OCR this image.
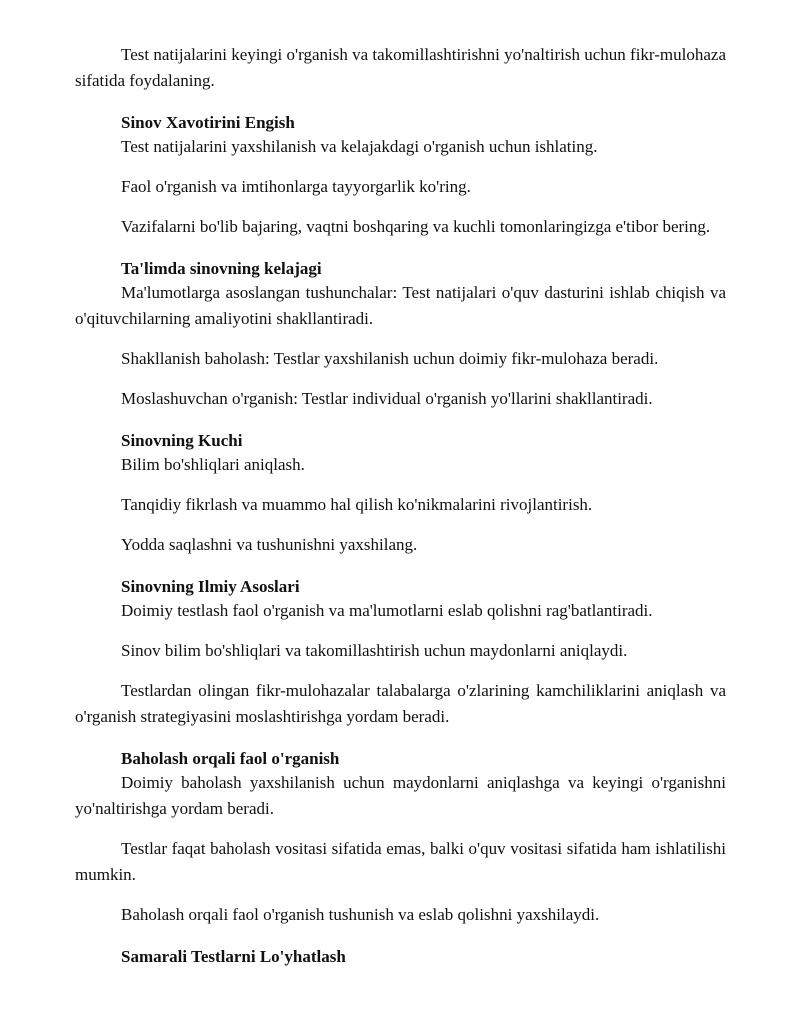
Test natijalarini keyingi o'rganish va takomillashtirishni yo'naltirish uchun fikr-mulohaza sifatida foydalaning.

Sinov Xavotirini Engish

Test natijalarini yaxshilanish va kelajakdagi o'rganish uchun ishlating.

Faol o'rganish va imtihonlarga tayyorgarlik ko'ring.

Vazifalarni bo'lib bajaring, vaqtni boshqaring va kuchli tomonlaringizga e'tibor bering.

Ta'limda sinovning kelajagi

Ma'lumotlarga asoslangan tushunchalar: Test natijalari o'quv dasturini ishlab chiqish va o'qituvchilarning amaliyotini shakllantiradi.

Shakllanish baholash: Testlar yaxshilanish uchun doimiy fikr-mulohaza beradi.

Moslashuvchan o'rganish: Testlar individual o'rganish yo'llarini shakllantiradi.

Sinovning Kuchi

Bilim bo'shliqlari aniqlash.

Tanqidiy fikrlash va muammo hal qilish ko'nikmalarini rivojlantirish.

Yodda saqlashni va tushunishni yaxshilang.

Sinovning Ilmiy Asoslari

Doimiy testlash faol o'rganish va ma'lumotlarni eslab qolishni rag'batlantiradi.

Sinov bilim bo'shliqlari va takomillashtirish uchun maydonlarni aniqlaydi.

Testlardan olingan fikr-mulohazalar talabalarga o'zlarining kamchiliklarini aniqlash va o'rganish strategiyasini moslashtirishga yordam beradi.

Baholash orqali faol o'rganish

Doimiy baholash yaxshilanish uchun maydonlarni aniqlashga va keyingi o'rganishni yo'naltirishga yordam beradi.

Testlar faqat baholash vositasi sifatida emas, balki o'quv vositasi sifatida ham ishlatilishi mumkin.

Baholash orqali faol o'rganish tushunish va eslab qolishni yaxshilaydi.

Samarali Testlarni Lo'yhatlash
